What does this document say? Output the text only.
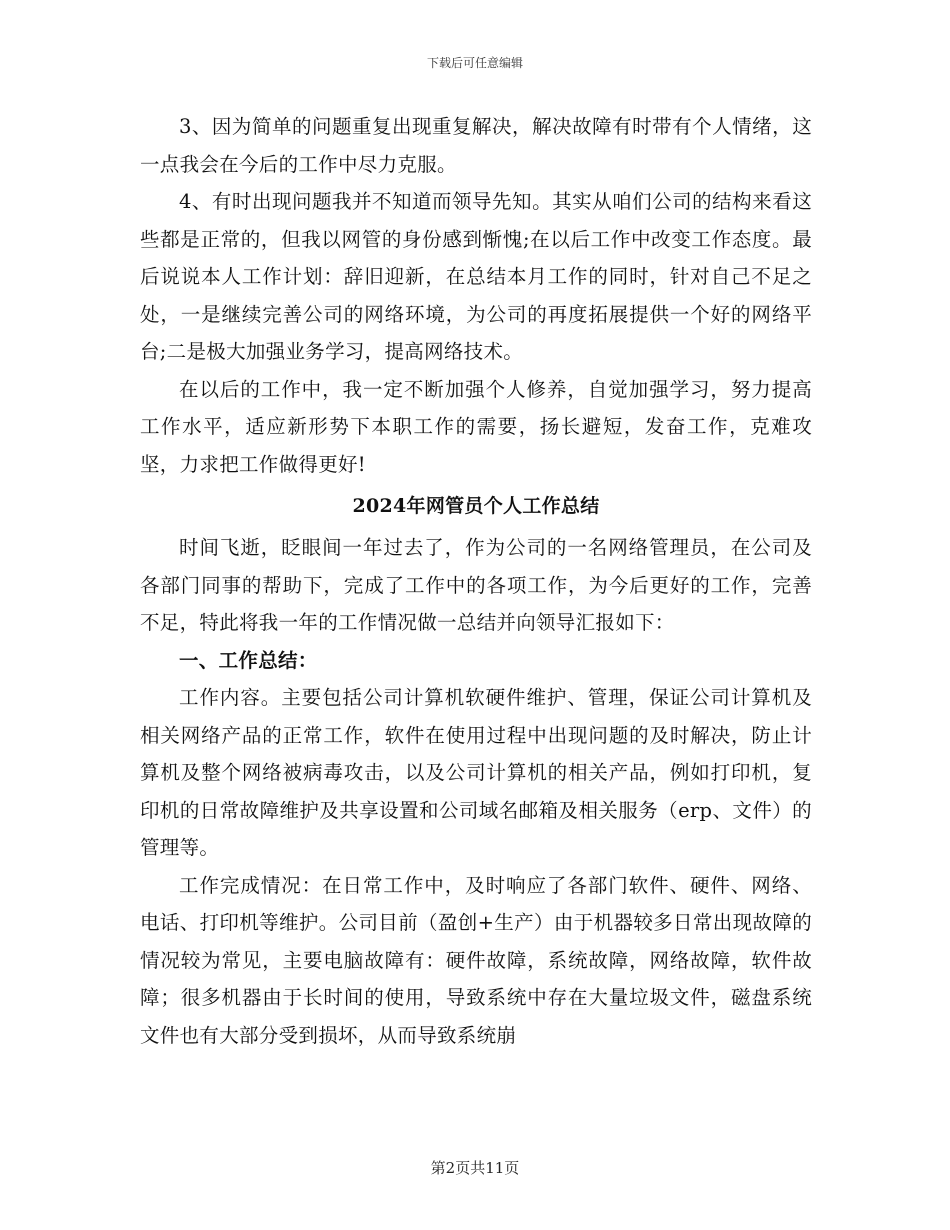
下载后可任意编辑

3、因为简单的问题重复出现重复解决，解决故障有时带有个人情绪，这一点我会在今后的工作中尽力克服。

4、有时出现问题我并不知道而领导先知。其实从咱们公司的结构来看这些都是正常的，但我以网管的身份感到惭愧;在以后工作中改变工作态度。最后说说本人工作计划：辞旧迎新，在总结本月工作的同时，针对自己不足之处，一是继续完善公司的网络环境，为公司的再度拓展提供一个好的网络平台;二是极大加强业务学习，提高网络技术。

在以后的工作中，我一定不断加强个人修养，自觉加强学习，努力提高工作水平，适应新形势下本职工作的需要，扬长避短，发奋工作，克难攻坚，力求把工作做得更好!

2024年网管员个人工作总结

时间飞逝，眨眼间一年过去了，作为公司的一名网络管理员，在公司及各部门同事的帮助下，完成了工作中的各项工作，为今后更好的工作，完善不足，特此将我一年的工作情况做一总结并向领导汇报如下：

一、工作总结：

工作内容。主要包括公司计算机软硬件维护、管理，保证公司计算机及相关网络产品的正常工作，软件在使用过程中出现问题的及时解决，防止计算机及整个网络被病毒攻击，以及公司计算机的相关产品，例如打印机，复印机的日常故障维护及共享设置和公司域名邮箱及相关服务（erp、文件）的管理等。

工作完成情况：在日常工作中，及时响应了各部门软件、硬件、网络、电话、打印机等维护。公司目前（盈创+生产）由于机器较多日常出现故障的情况较为常见，主要电脑故障有：硬件故障，系统故障，网络故障，软件故障；很多机器由于长时间的使用，导致系统中存在大量垃圾文件，磁盘系统文件也有大部分受到损坏，从而导致系统崩

第2页共11页
